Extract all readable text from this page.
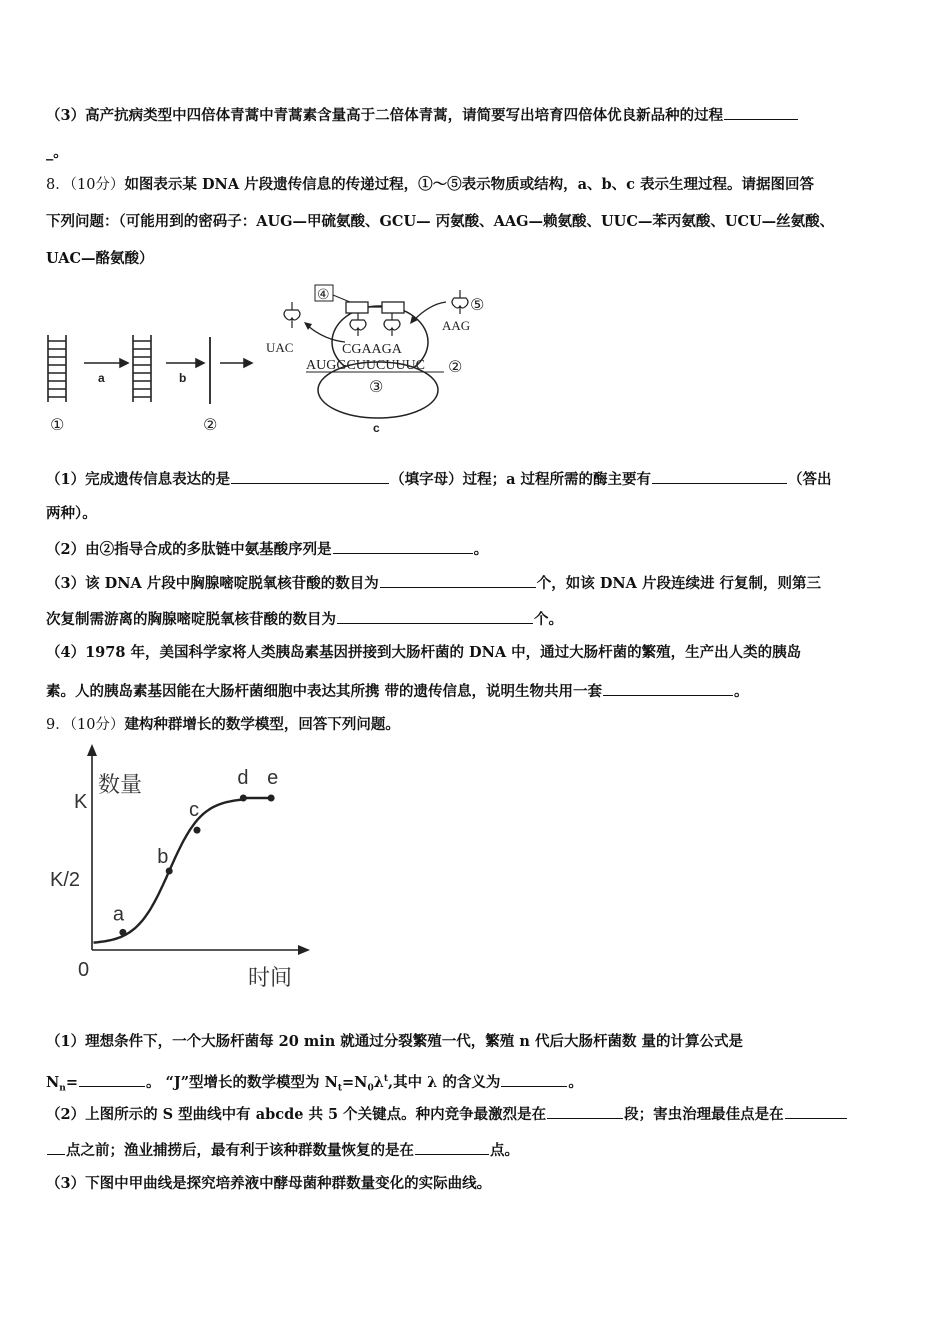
（3）高产抗病类型中四倍体青蒿中青蒿素含量高于二倍体青蒿，请简要写出培育四倍体优良新品种的过程
_。
8．（10分）如图表示某 DNA 片段遗传信息的传递过程，①～⑤表示物质或结构，a、b、c 表示生理过程。请据图回答
下列问题：（可能用到的密码子：AUG—甲硫氨酸、GCU— 丙氨酸、AAG—赖氨酸、UUC—苯丙氨酸、UCU—丝氨酸、
UAC—酪氨酸）
①
a	b
②
④
UAC
⑤
AAG
CGAAGA
AUGGCUUCUUUC ②
③
c
（1）完成遗传信息表达的是	（填字母）过程；a 过程所需的酶主要有	（答出
两种）。
（2）由②指导合成的多肽链中氨基酸序列是	。
（3）该 DNA 片段中胸腺嘧啶脱氧核苷酸的数目为	个，如该 DNA 片段连续进 行复制，则第三
次复制需游离的胸腺嘧啶脱氧核苷酸的数目为	个。
（4）1978 年，美国科学家将人类胰岛素基因拼接到大肠杆菌的 DNA 中，通过大肠杆菌的繁殖，生产出人类的胰岛
素。人的胰岛素基因能在大肠杆菌细胞中表达其所携 带的遗传信息，说明生物共用一套	。
9．（10分）建构种群增长的数学模型，回答下列问题。
数量
时间
K
K/2
0
a
b
c
d e
（1）理想条件下，一个大肠杆菌每 20 min 就通过分裂繁殖一代，繁殖 n 代后大肠杆菌数 量的计算公式是
$N_n=$	。 “J”型增长的数学模型为 $N_t=N_0\lambda^t$,其中 λ 的含义为	。
（2）上图所示的 S 型曲线中有 abcde 共 5 个关键点。种内竞争最激烈是在	段；害虫治理最佳点是在
点之前；渔业捕捞后，最有利于该种群数量恢复的是在	点。
（3）下图中甲曲线是探究培养液中酵母菌种群数量变化的实际曲线。
